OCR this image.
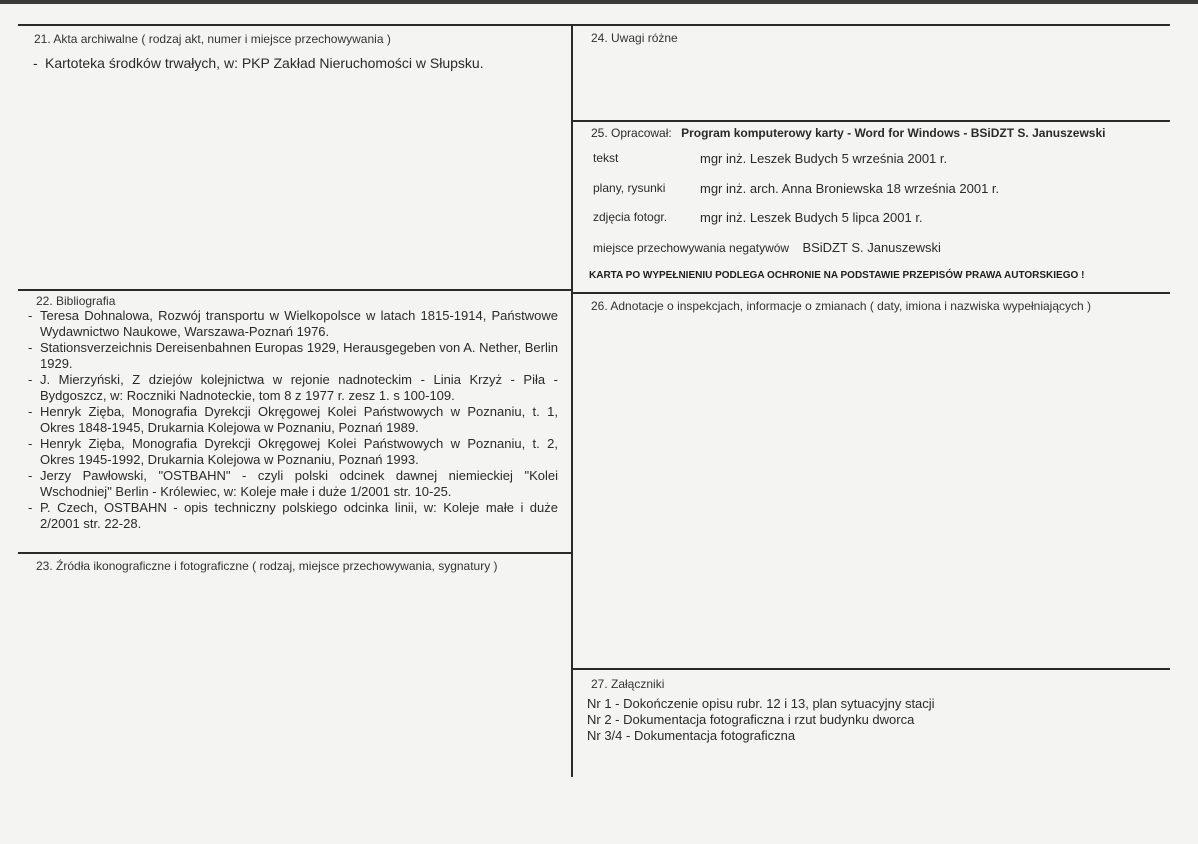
21. Akta archiwalne ( rodzaj akt, numer i miejsce przechowywania )
- Kartoteka środków trwałych, w: PKP Zakład Nieruchomości w Słupsku.
22. Bibliografia
- Teresa Dohnalowa, Rozwój transportu w Wielkopolsce w latach 1815-1914, Państwowe Wydawnictwo Naukowe, Warszawa-Poznań 1976.
- Stationsverzeichnis Dereisenbahnen Europas 1929, Herausgegeben von A. Nether, Berlin 1929.
- J. Mierzyński, Z dziejów kolejnictwa w rejonie nadnoteckim - Linia Krzyż - Piła - Bydgoszcz, w: Roczniki Nadnoteckie, tom 8 z 1977 r. zesz 1. s 100-109.
- Henryk Zięba, Monografia Dyrekcji Okręgowej Kolei Państwowych w Poznaniu, t. 1, Okres 1848-1945, Drukarnia Kolejowa w Poznaniu, Poznań 1989.
- Henryk Zięba, Monografia Dyrekcji Okręgowej Kolei Państwowych w Poznaniu, t. 2, Okres 1945-1992, Drukarnia Kolejowa w Poznaniu, Poznań 1993.
- Jerzy Pawłowski, "OSTBAHN" - czyli polski odcinek dawnej niemieckiej "Kolei Wschodniej" Berlin - Królewiec, w: Koleje małe i duże 1/2001 str. 10-25.
- P. Czech, OSTBAHN - opis techniczny polskiego odcinka linii, w: Koleje małe i duże 2/2001 str. 22-28.
23. Źródła ikonograficzne i fotograficzne ( rodzaj, miejsce przechowywania, sygnatury )
24. Uwagi różne
25. Opracował: Program komputerowy karty - Word for Windows - BSiDZT S. Januszewski
tekst	mgr inż. Leszek Budych 5 września 2001 r.
plany, rysunki	mgr inż. arch. Anna Broniewska 18 września 2001 r.
zdjęcia fotogr.	mgr inż. Leszek Budych 5 lipca 2001 r.
miejsce przechowywania negatywów BSiDZT S. Januszewski
KARTA PO WYPEŁNIENIU PODLEGA OCHRONIE NA PODSTAWIE PRZEPISÓW PRAWA AUTORSKIEGO !
26. Adnotacje o inspekcjach, informacje o zmianach ( daty, imiona i nazwiska wypełniających )
27. Załączniki
Nr 1 - Dokończenie opisu rubr. 12 i 13, plan sytuacyjny stacji
Nr 2 - Dokumentacja fotograficzna i rzut budynku dworca
Nr 3/4 - Dokumentacja fotograficzna
